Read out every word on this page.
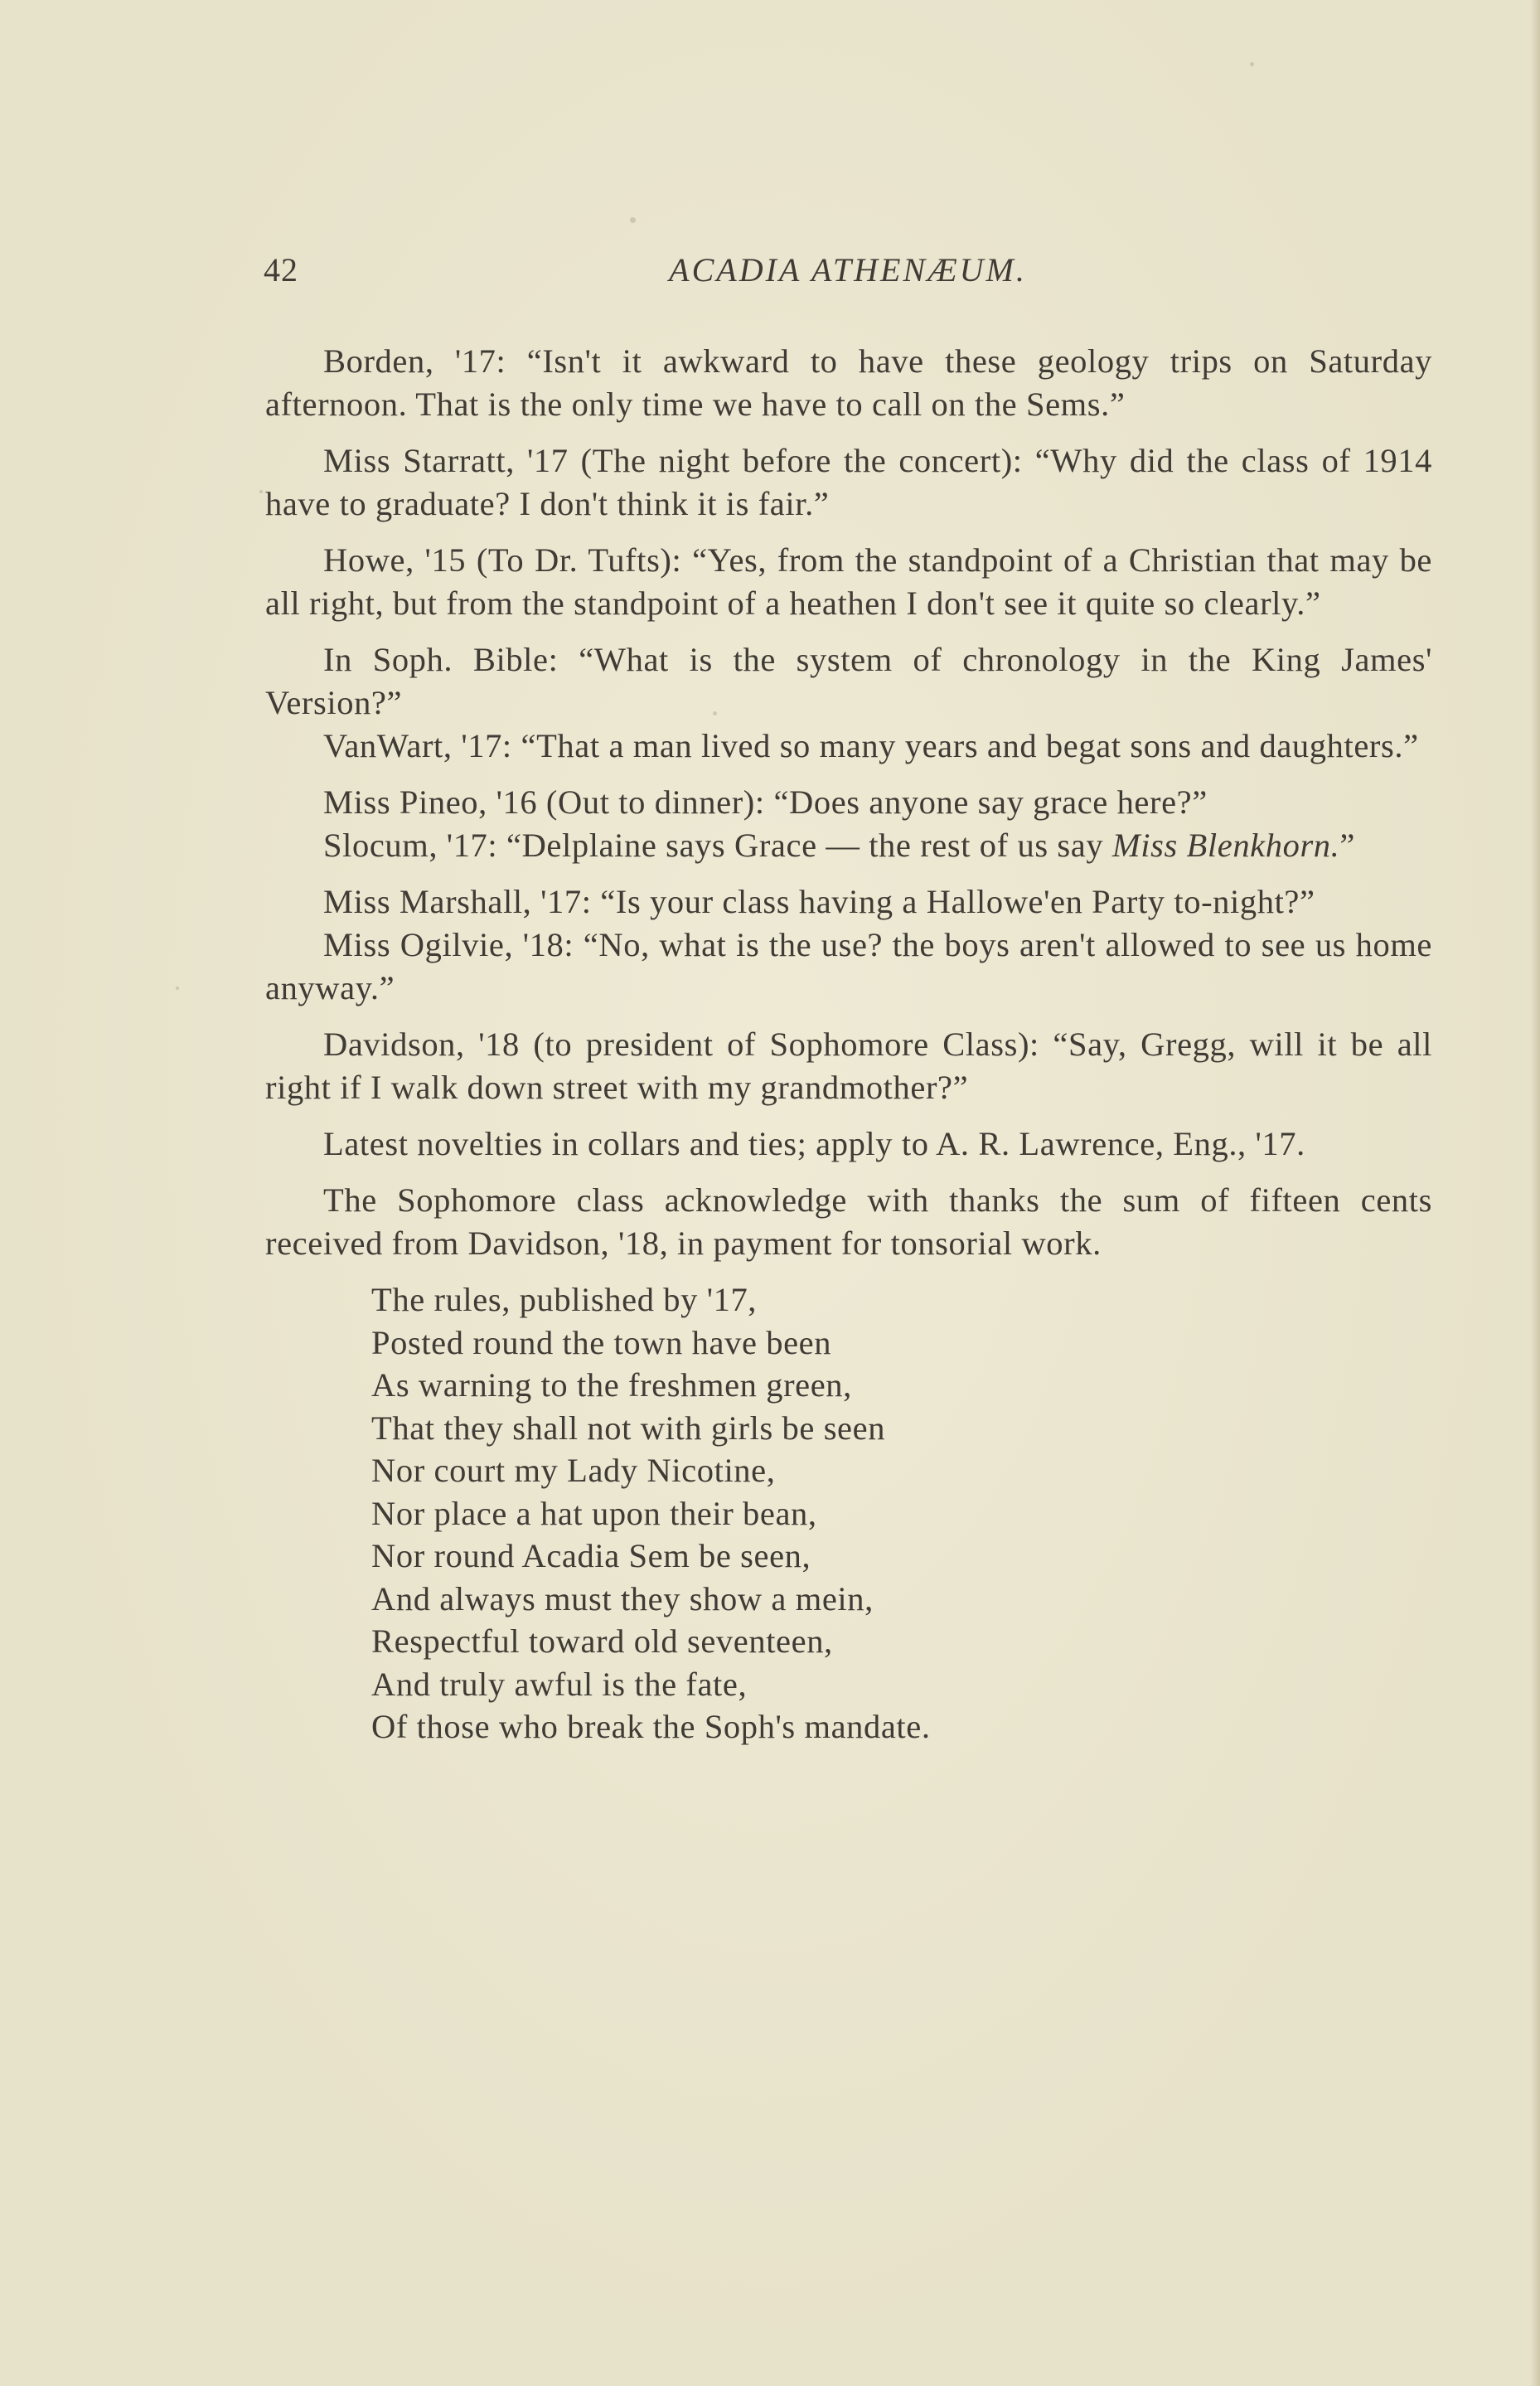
42	ACADIA ATHENÆUM.

Borden, '17: “Isn't it awkward to have these geology trips on Saturday afternoon. That is the only time we have to call on the Sems.”

Miss Starratt, '17 (The night before the concert): “Why did the class of 1914 have to graduate? I don't think it is fair.”

Howe, '15 (To Dr. Tufts): “Yes, from the standpoint of a Christian that may be all right, but from the standpoint of a heathen I don't see it quite so clearly.”

In Soph. Bible: “What is the system of chronology in the King James' Version?”

VanWart, '17: “That a man lived so many years and begat sons and daughters.”

Miss Pineo, '16 (Out to dinner): “Does anyone say grace here?”

Slocum, '17: “Delplaine says Grace — the rest of us say Miss Blenkhorn.”

Miss Marshall, '17: “Is your class having a Hallowe'en Party to-night?”

Miss Ogilvie, '18: “No, what is the use? the boys aren't allowed to see us home anyway.”

Davidson, '18 (to president of Sophomore Class): “Say, Gregg, will it be all right if I walk down street with my grandmother?”

Latest novelties in collars and ties; apply to A. R. Lawrence, Eng., '17.

The Sophomore class acknowledge with thanks the sum of fifteen cents received from Davidson, '18, in payment for tonsorial work.

The rules, published by '17,
Posted round the town have been
As warning to the freshmen green,
That they shall not with girls be seen
Nor court my Lady Nicotine,
Nor place a hat upon their bean,
Nor round Acadia Sem be seen,
And always must they show a mein,
Respectful toward old seventeen,
And truly awful is the fate,
Of those who break the Soph's mandate.
